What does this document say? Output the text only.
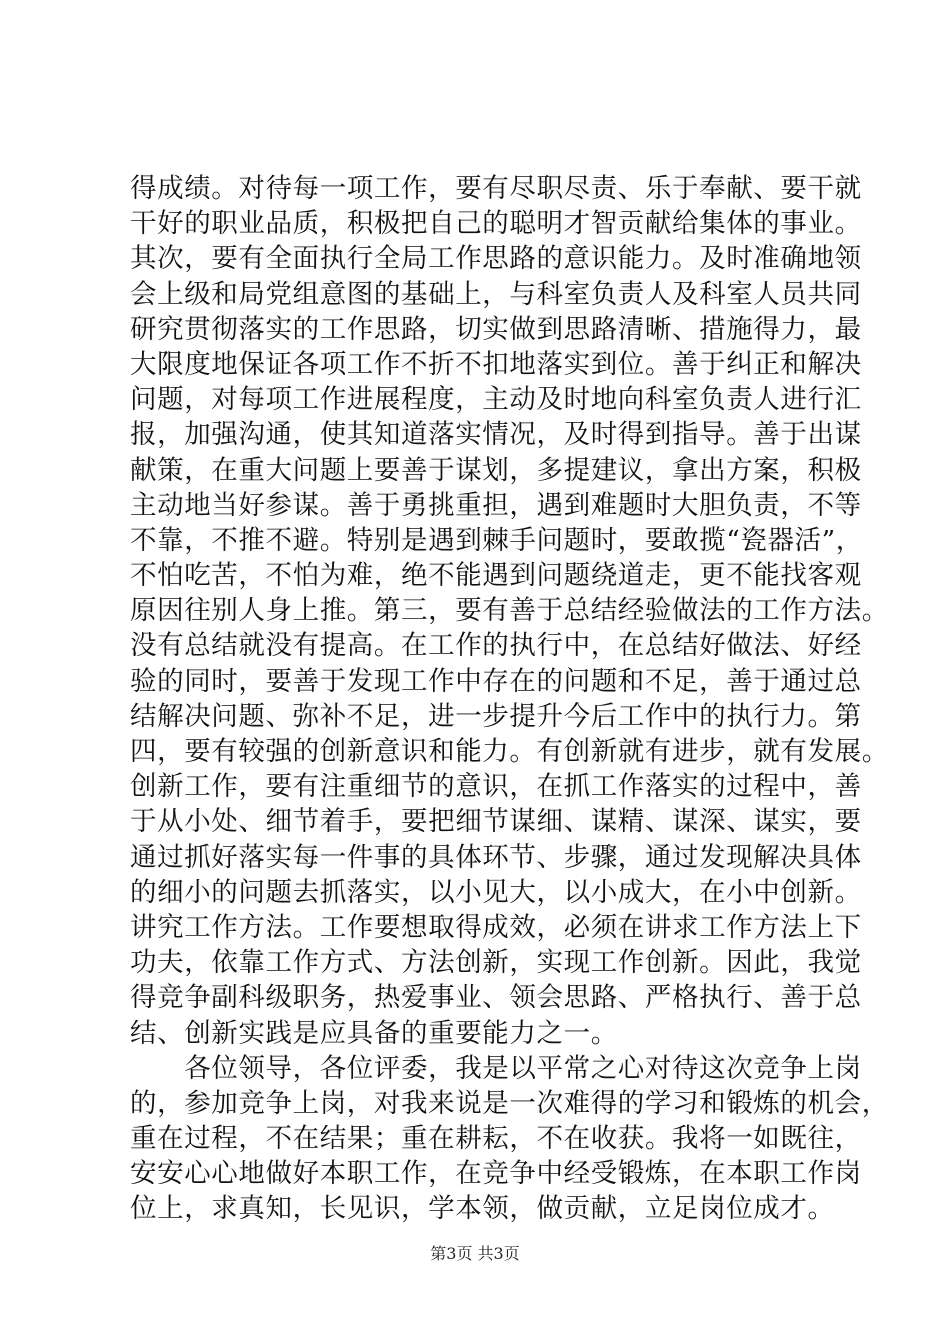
得成绩。对待每一项工作，要有尽职尽责、乐于奉献、要干就
干好的职业品质，积极把自己的聪明才智贡献给集体的事业。
其次，要有全面执行全局工作思路的意识能力。及时准确地领
会上级和局党组意图的基础上，与科室负责人及科室人员共同
研究贯彻落实的工作思路，切实做到思路清晰、措施得力，最
大限度地保证各项工作不折不扣地落实到位。善于纠正和解决
问题，对每项工作进展程度，主动及时地向科室负责人进行汇
报，加强沟通，使其知道落实情况，及时得到指导。善于出谋
献策，在重大问题上要善于谋划，多提建议，拿出方案，积极
主动地当好参谋。善于勇挑重担，遇到难题时大胆负责，不等
不靠，不推不避。特别是遇到棘手问题时，要敢揽“瓷器活”，
不怕吃苦，不怕为难，绝不能遇到问题绕道走，更不能找客观
原因往别人身上推。第三，要有善于总结经验做法的工作方法。
没有总结就没有提高。在工作的执行中，在总结好做法、好经
验的同时，要善于发现工作中存在的问题和不足，善于通过总
结解决问题、弥补不足，进一步提升今后工作中的执行力。第
四，要有较强的创新意识和能力。有创新就有进步，就有发展。
创新工作，要有注重细节的意识，在抓工作落实的过程中，善
于从小处、细节着手，要把细节谋细、谋精、谋深、谋实，要
通过抓好落实每一件事的具体环节、步骤，通过发现解决具体
的细小的问题去抓落实，以小见大，以小成大，在小中创新。
讲究工作方法。工作要想取得成效，必须在讲求工作方法上下
功夫，依靠工作方式、方法创新，实现工作创新。因此，我觉
得竞争副科级职务，热爱事业、领会思路、严格执行、善于总
结、创新实践是应具备的重要能力之一。
　　各位领导，各位评委，我是以平常之心对待这次竞争上岗
的，参加竞争上岗，对我来说是一次难得的学习和锻炼的机会，
重在过程，不在结果；重在耕耘，不在收获。我将一如既往，
安安心心地做好本职工作，在竞争中经受锻炼，在本职工作岗
位上，求真知，长见识，学本领，做贡献，立足岗位成才。
第3页 共3页
